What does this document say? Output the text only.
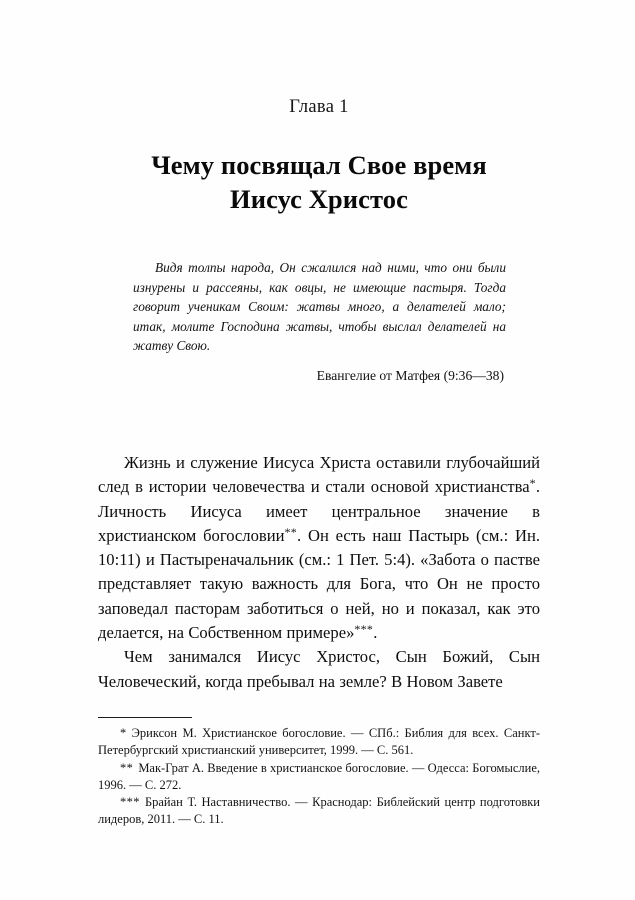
Глава 1
Чему посвящал Свое время
Иисус Христос

Видя толпы народа, Он сжалился над ними, что они были изнурены и рассеяны, как овцы, не имеющие пастыря. Тогда говорит ученикам Своим: жатвы много, а делателей мало; итак, молите Господина жатвы, чтобы выслал делателей на жатву Свою.

Евангелие от Матфея (9:36—38)

Жизнь и служение Иисуса Христа оставили глубочайший след в истории человечества и стали основой христианства*. Личность Иисуса имеет центральное значение в христианском богословии**. Он есть наш Пастырь (см.: Ин. 10:11) и Пастыреначальник (см.: 1 Пет. 5:4). «Забота о пастве представляет такую важность для Бога, что Он не просто заповедал пасторам заботиться о ней, но и показал, как это делается, на Собственном примере»***.

Чем занимался Иисус Христос, Сын Божий, Сын Человеческий, когда пребывал на земле? В Новом Завете

* Эриксон М. Христианское богословие. — СПб.: Библия для всех. Санкт-Петербургский христианский университет, 1999. — С. 561.

** Мак-Грат А. Введение в христианское богословие. — Одесса: Богомыслие, 1996. — С. 272.

*** Брайан Т. Наставничество. — Краснодар: Библейский центр подготовки лидеров, 2011. — С. 11.
